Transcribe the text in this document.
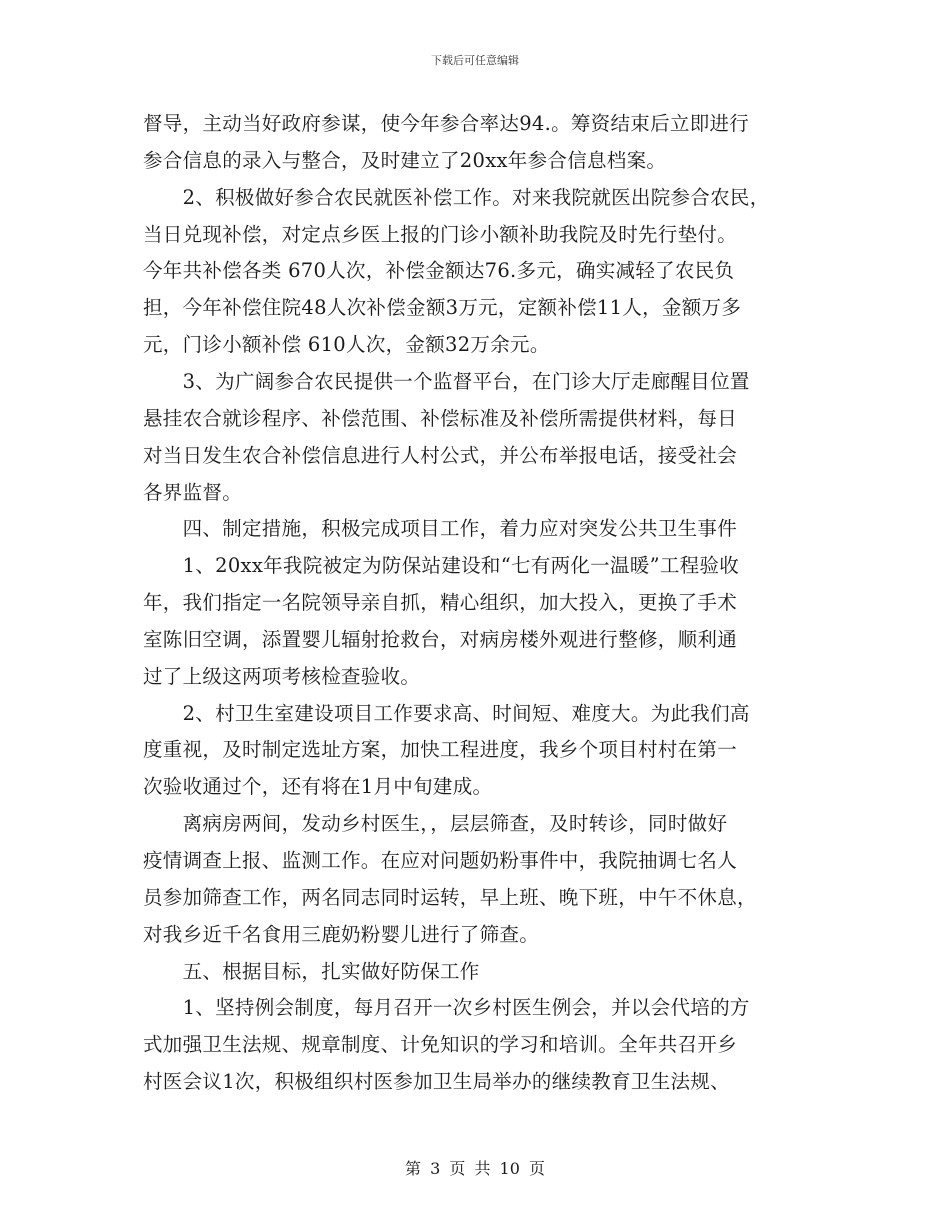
下载后可任意编辑
督导，主动当好政府参谋，使今年参合率达94.。筹资结束后立即进行
参合信息的录入与整合，及时建立了20xx年参合信息档案。
　　2、积极做好参合农民就医补偿工作。对来我院就医出院参合农民，
当日兑现补偿，对定点乡医上报的门诊小额补助我院及时先行垫付。
今年共补偿各类 670人次，补偿金额达76.多元，确实减轻了农民负
担，今年补偿住院48人次补偿金额3万元，定额补偿11人，金额万多
元，门诊小额补偿 610人次，金额32万余元。
　　3、为广阔参合农民提供一个监督平台，在门诊大厅走廊醒目位置
悬挂农合就诊程序、补偿范围、补偿标准及补偿所需提供材料，每日
对当日发生农合补偿信息进行人村公式，并公布举报电话，接受社会
各界监督。
　　四、制定措施，积极完成项目工作，着力应对突发公共卫生事件
　　1、20xx年我院被定为防保站建设和“七有两化一温暖”工程验收
年，我们指定一名院领导亲自抓，精心组织，加大投入，更换了手术
室陈旧空调，添置婴儿辐射抢救台，对病房楼外观进行整修，顺利通
过了上级这两项考核检查验收。
　　2、村卫生室建设项目工作要求高、时间短、难度大。为此我们高
度重视，及时制定选址方案，加快工程进度，我乡个项目村村在第一
次验收通过个，还有将在1月中旬建成。
　　离病房两间，发动乡村医生，，层层筛查，及时转诊，同时做好
疫情调查上报、监测工作。在应对问题奶粉事件中，我院抽调七名人
员参加筛查工作，两名同志同时运转，早上班、晚下班，中午不休息，
对我乡近千名食用三鹿奶粉婴儿进行了筛查。
　　五、根据目标，扎实做好防保工作
　　1、坚持例会制度，每月召开一次乡村医生例会，并以会代培的方
式加强卫生法规、规章制度、计免知识的学习和培训。全年共召开乡
村医会议1次，积极组织村医参加卫生局举办的继续教育卫生法规、
第 3 页 共 10 页
